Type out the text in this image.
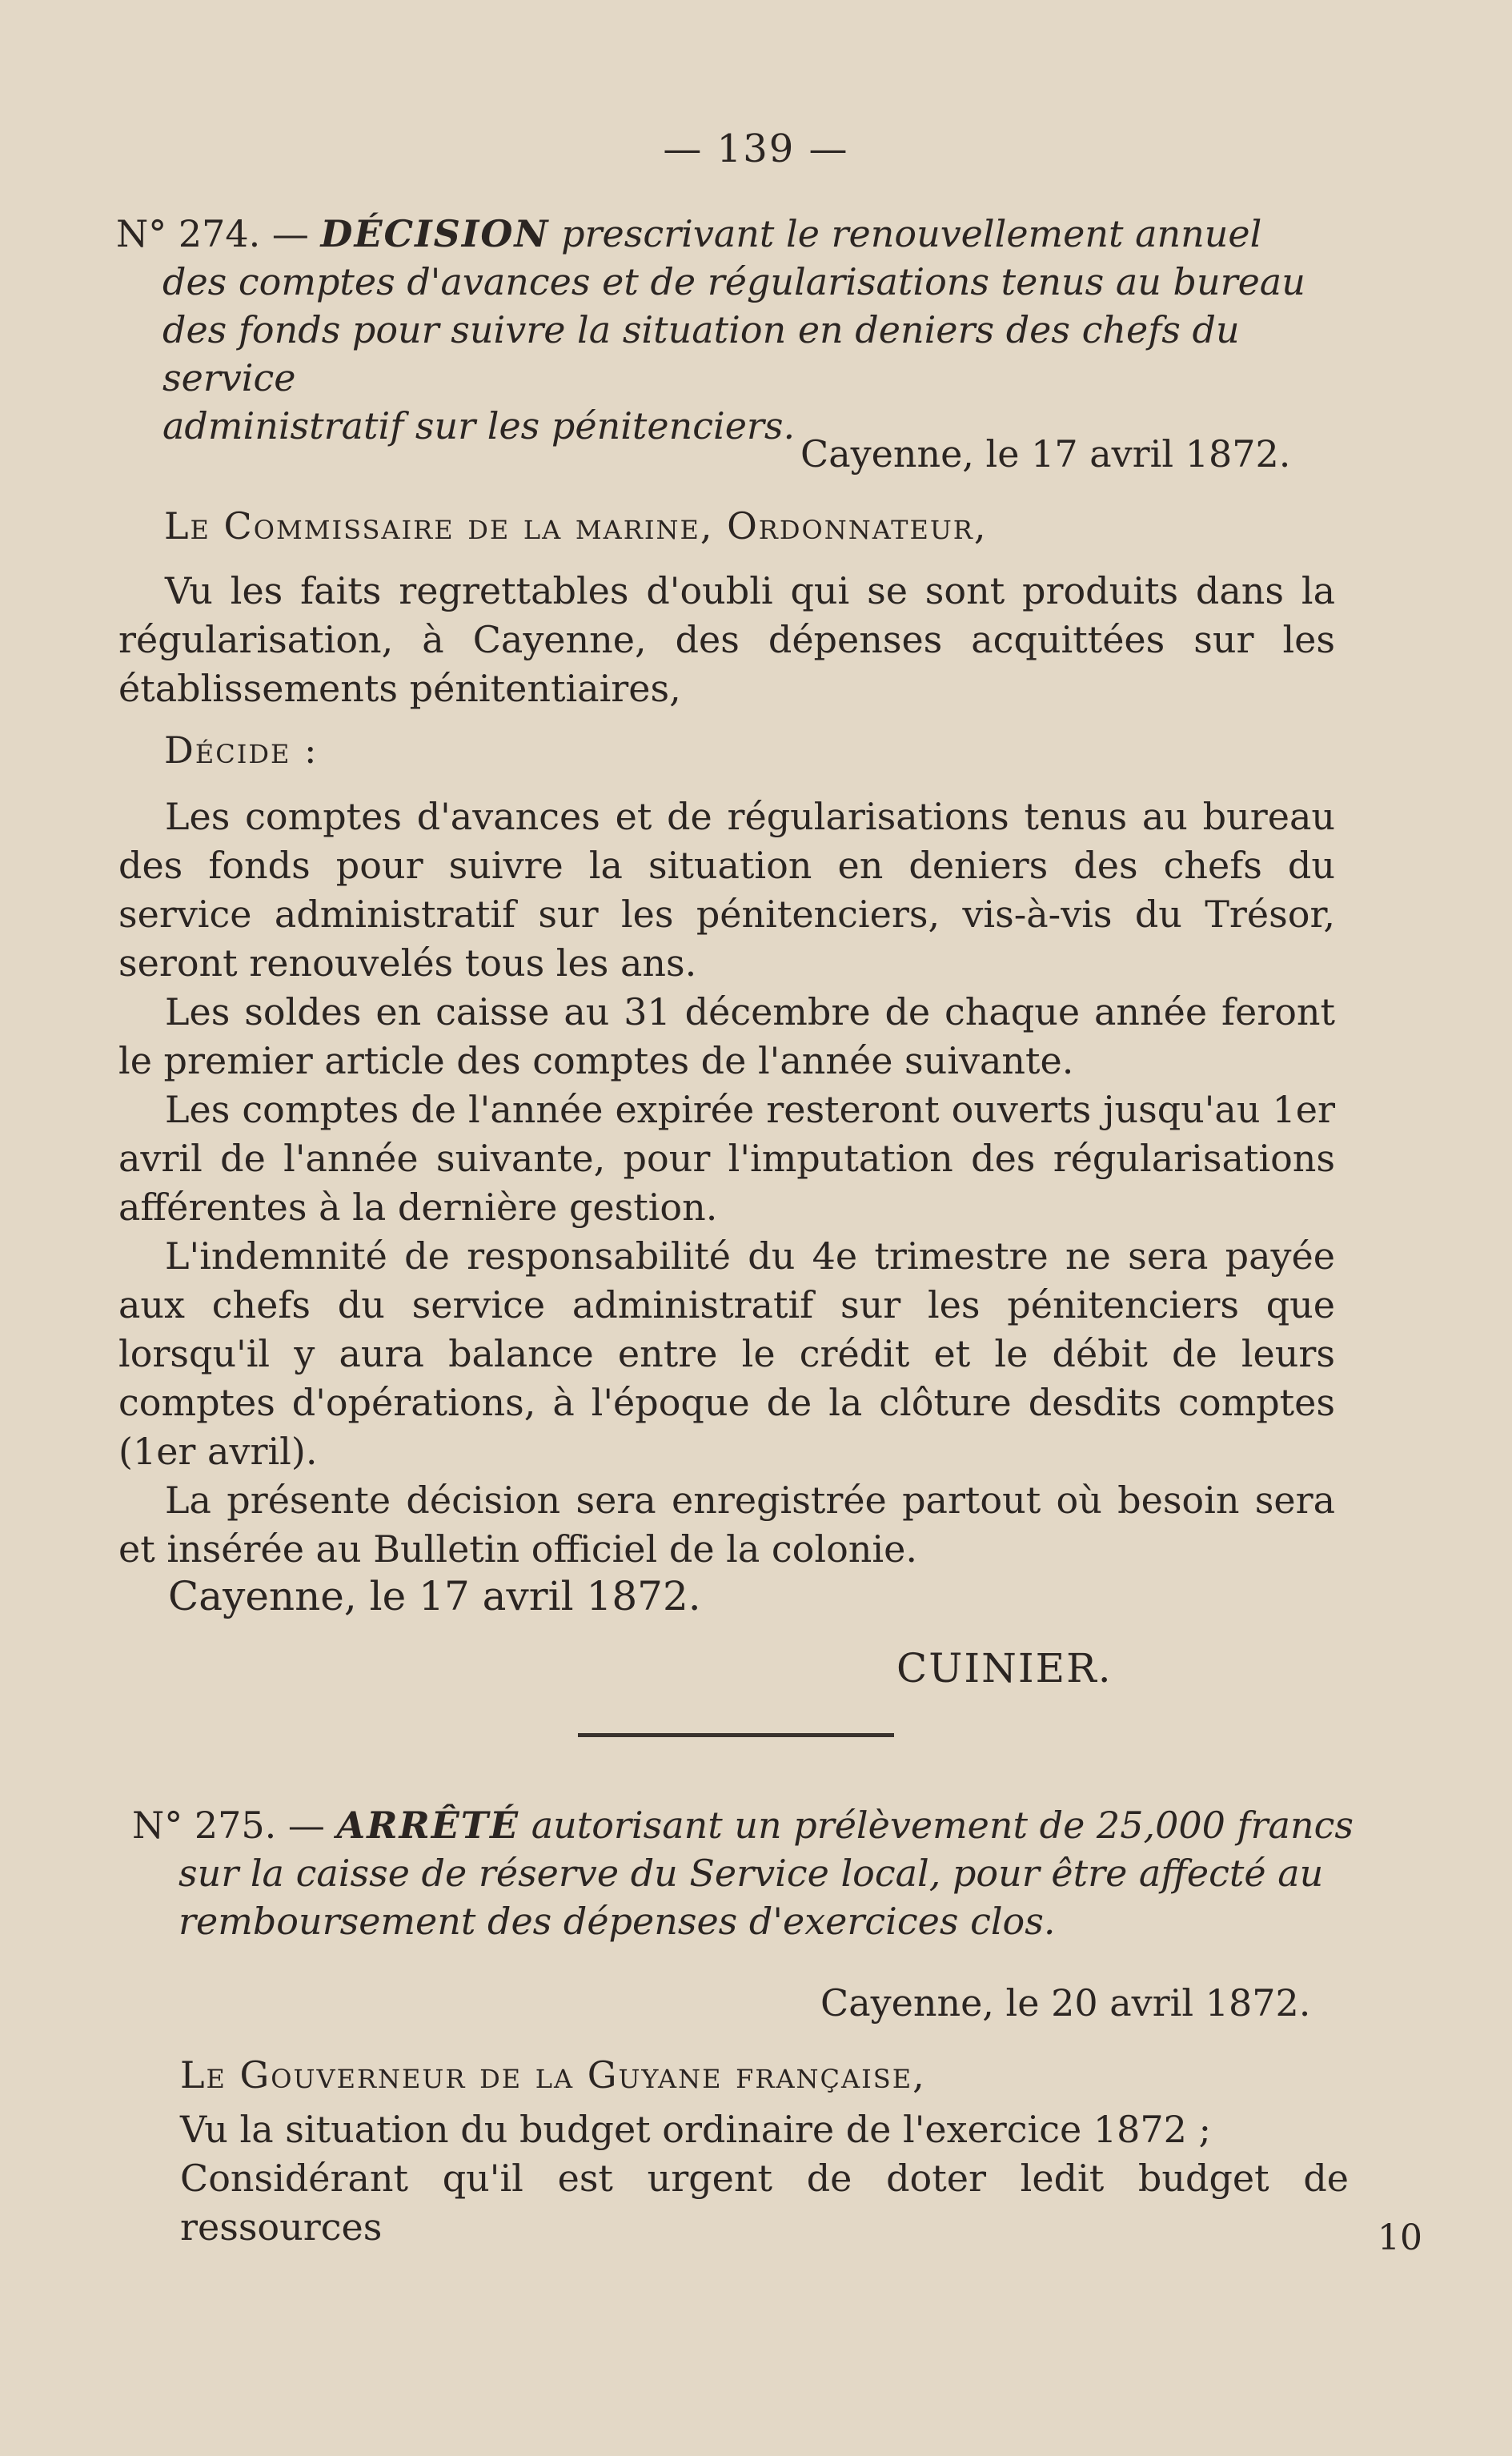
— 139 —

N° 274. — DÉCISION prescrivant le renouvellement annuel

des comptes d'avances et de régularisations tenus au bureau

des fonds pour suivre la situation en deniers des chefs du service

administratif sur les pénitenciers.

Cayenne, le 17 avril 1872.
Le Commissaire de la marine, Ordonnateur,

Vu les faits regrettables d'oubli qui se sont produits dans la régularisation, à Cayenne, des dépenses acquittées sur les établissements pénitentiaires,

Décide :

Les comptes d'avances et de régularisations tenus au bureau des fonds pour suivre la situation en deniers des chefs du service administratif sur les pénitenciers, vis-à-vis du Trésor, seront renouvelés tous les ans.

Les soldes en caisse au 31 décembre de chaque année feront le premier article des comptes de l'année suivante.

Les comptes de l'année expirée resteront ouverts jusqu'au 1er avril de l'année suivante, pour l'imputation des régularisations afférentes à la dernière gestion.

L'indemnité de responsabilité du 4e trimestre ne sera payée aux chefs du service administratif sur les pénitenciers que lorsqu'il y aura balance entre le crédit et le débit de leurs comptes d'opérations, à l'époque de la clôture desdits comptes (1er avril).

La présente décision sera enregistrée partout où besoin sera et insérée au Bulletin officiel de la colonie.

Cayenne, le 17 avril 1872.
CUINIER.

N° 275. — ARRÊTÉ autorisant un prélèvement de 25,000 francs

sur la caisse de réserve du Service local, pour être affecté au

remboursement des dépenses d'exercices clos.

Cayenne, le 20 avril 1872.
Le Gouverneur de la Guyane française,

Vu la situation du budget ordinaire de l'exercice 1872 ;

Considérant qu'il est urgent de doter ledit budget de ressources	10
